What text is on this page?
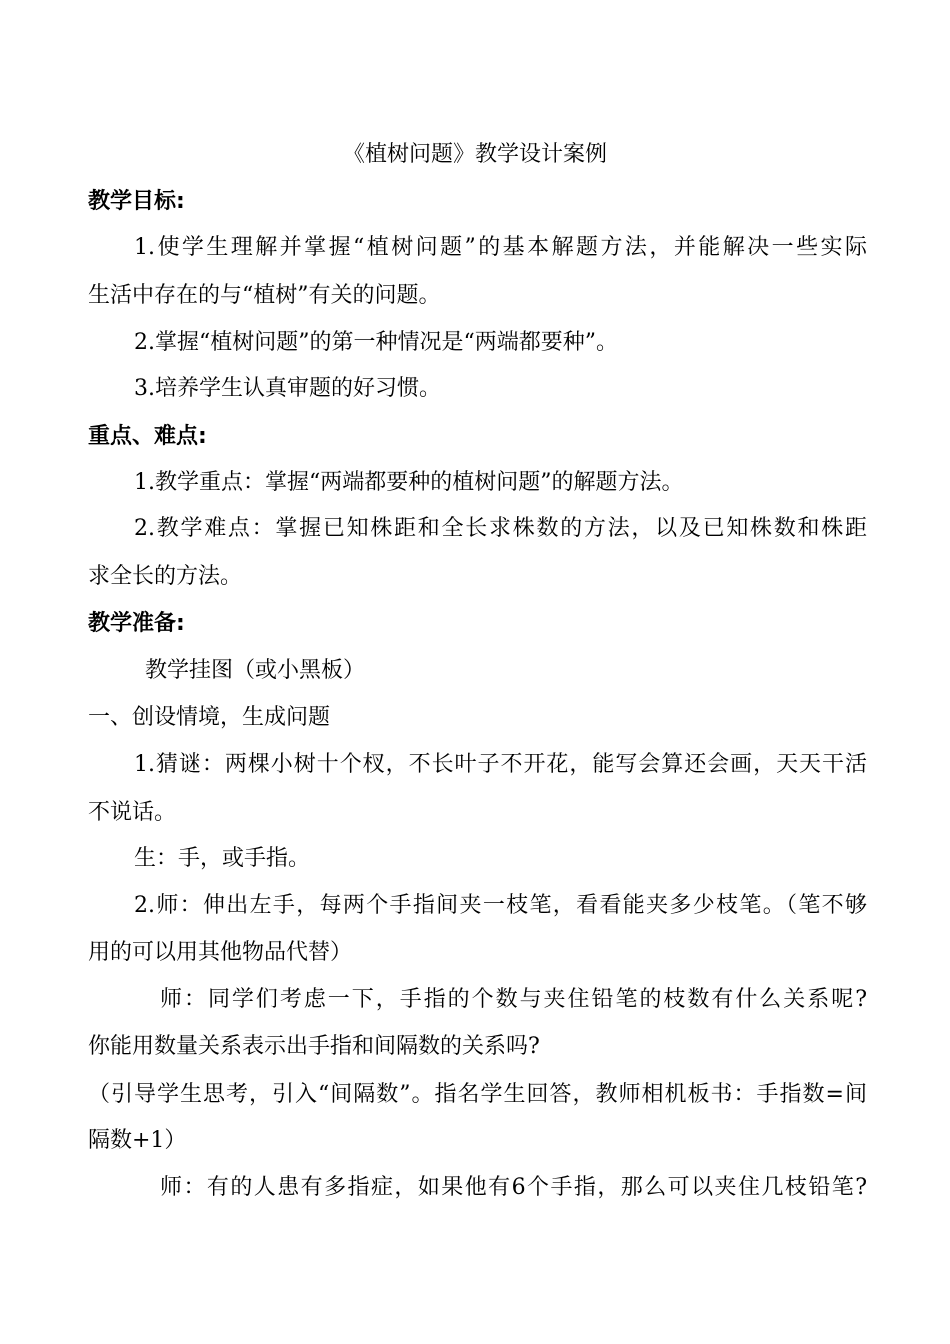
《植树问题》教学设计案例
教学目标:
1.使学生理解并掌握“植树问题”的基本解题方法，并能解决一些实际
生活中存在的与“植树”有关的问题。
2.掌握“植树问题”的第一种情况是“两端都要种”。
3.培养学生认真审题的好习惯。
重点、难点:
1.教学重点：掌握“两端都要种的植树问题”的解题方法。
2.教学难点：掌握已知株距和全长求株数的方法，以及已知株数和株距
求全长的方法。
教学准备:
教学挂图（或小黑板）
一、创设情境，生成问题
1.猜谜：两棵小树十个杈，不长叶子不开花，能写会算还会画，天天干活
不说话。
生：手，或手指。
2.师：伸出左手，每两个手指间夹一枝笔，看看能夹多少枝笔。（笔不够
用的可以用其他物品代替）
师：同学们考虑一下，手指的个数与夹住铅笔的枝数有什么关系呢?
你能用数量关系表示出手指和间隔数的关系吗?
（引导学生思考，引入“间隔数”。指名学生回答，教师相机板书：手指数=间
隔数+1）
师：有的人患有多指症，如果他有6个手指，那么可以夹住几枝铅笔?
